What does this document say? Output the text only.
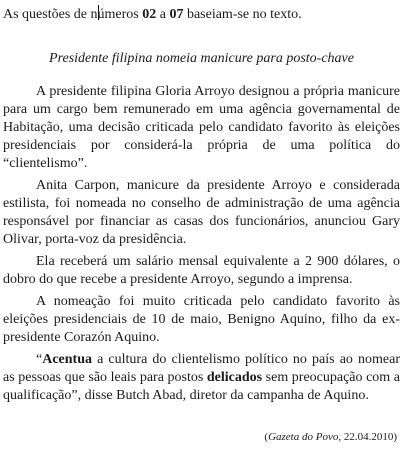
As questões de números 02 a 07 baseiam-se no texto.
Presidente filipina nomeia manicure para posto-chave

A presidente filipina Gloria Arroyo designou a própria manicure para um cargo bem remunerado em uma agência governamental de Habitação, uma decisão criticada pelo candidato favorito às eleições presidenciais por considerá-la própria de uma política do “clientelismo”.

Anita Carpon, manicure da presidente Arroyo e considerada estilista, foi nomeada no conselho de administração de uma agência responsável por financiar as casas dos funcionários, anunciou Gary Olivar, porta-voz da presidência.

Ela receberá um salário mensal equivalente a 2 900 dólares, o dobro do que recebe a presidente Arroyo, segundo a imprensa.

A nomeação foi muito criticada pelo candidato favorito às eleições presidenciais de 10 de maio, Benigno Aquino, filho da ex-presidente Corazón Aquino.

“Acentua a cultura do clientelismo político no país ao nomear as pessoas que são leais para postos delicados sem preocupação com a qualificação”, disse Butch Abad, diretor da campanha de Aquino.

(Gazeta do Povo, 22.04.2010)
